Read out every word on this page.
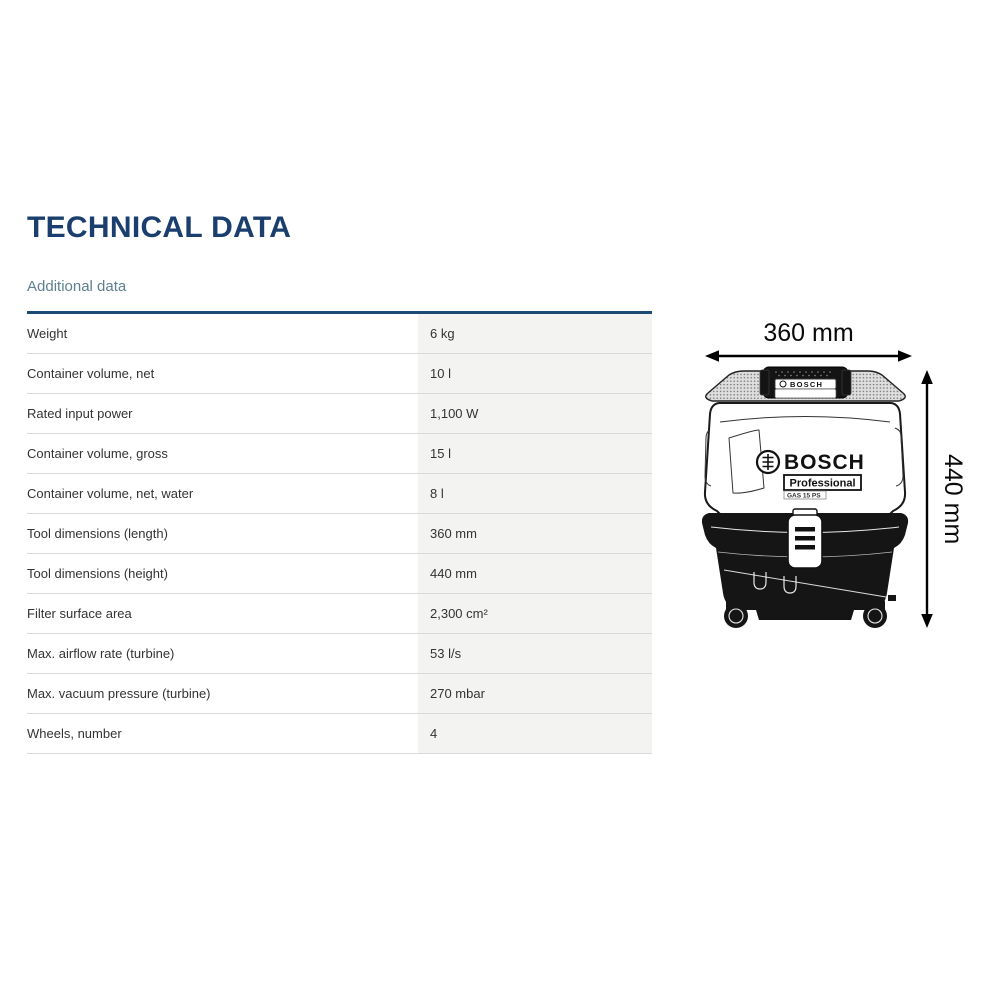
TECHNICAL DATA
Additional data
Weight	6 kg
Container volume, net	10 l
Rated input power	1,100 W
Container volume, gross	15 l
Container volume, net, water	8 l
Tool dimensions (length)	360 mm
Tool dimensions (height)	440 mm
Filter surface area	2,300 cm²
Max. airflow rate (turbine)	53 l/s
Max. vacuum pressure (turbine)	270 mbar
Wheels, number	4
360 mm
BOSCH
BOSCH
Professional
GAS 15 PS	440 mm
